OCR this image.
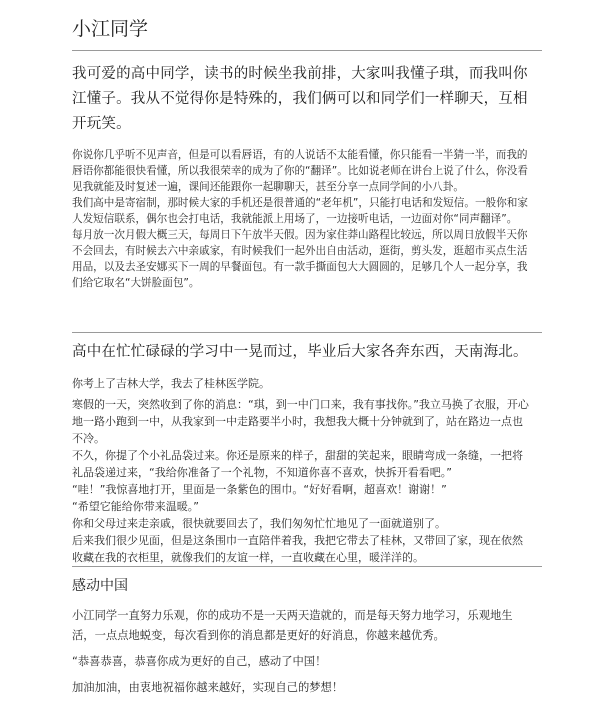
小江同学
我可爱的高中同学，读书的时候坐我前排，大家叫我懂子琪，而我叫你江懂子。我从不觉得你是特殊的，我们俩可以和同学们一样聊天，互相开玩笑。

你说你几乎听不见声音，但是可以看唇语，有的人说话不太能看懂，你只能看一半猜一半，而我的唇语你都能很快看懂，所以我很荣幸的成为了你的“翻译”。比如说老师在讲台上说了什么，你没看见我就能及时复述一遍，课间还能跟你一起聊聊天，甚至分享一点同学间的小八卦。

我们高中是寄宿制，那时候大家的手机还是很普通的“老年机”，只能打电话和发短信。一般你和家人发短信联系，偶尔也会打电话，我就能派上用场了，一边接听电话，一边面对你“同声翻译”。

每月放一次月假大概三天，每周日下午放半天假。因为家住莽山路程比较远，所以周日放假半天你不会回去，有时候去六中亲戚家，有时候我们一起外出自由活动，逛街，剪头发，逛超市买点生活用品，以及去圣安娜买下一周的早餐面包。有一款手撕面包大大圆圆的，足够几个人一起分享，我们给它取名“大饼脸面包”。

高中在忙忙碌碌的学习中一晃而过，毕业后大家各奔东西，天南海北。

你考上了吉林大学，我去了桂林医学院。

寒假的一天，突然收到了你的消息：“琪，到一中门口来，我有事找你。”我立马换了衣服，开心地一路小跑到一中，从我家到一中走路要半小时，我想我大概十分钟就到了，站在路边一点也不冷。

不久，你提了个小礼品袋过来。你还是原来的样子，甜甜的笑起来，眼睛弯成一条缝，一把将礼品袋递过来，“我给你准备了一个礼物，不知道你喜不喜欢，快拆开看看吧。”

“哇！”我惊喜地打开，里面是一条紫色的围巾。“好好看啊，超喜欢！谢谢！”

“希望它能给你带来温暖。”

你和父母过来走亲戚，很快就要回去了，我们匆匆忙忙地见了一面就道别了。

后来我们很少见面，但是这条围巾一直陪伴着我，我把它带去了桂林，又带回了家，现在依然收藏在我的衣柜里，就像我们的友谊一样，一直收藏在心里，暖洋洋的。

感动中国

小江同学一直努力乐观，你的成功不是一天两天造就的，而是每天努力地学习，乐观地生活，一点点地蜕变，每次看到你的消息都是更好的好消息，你越来越优秀。

“恭喜恭喜，恭喜你成为更好的自己，感动了中国！

加油加油，由衷地祝福你越来越好，实现自己的梦想！
